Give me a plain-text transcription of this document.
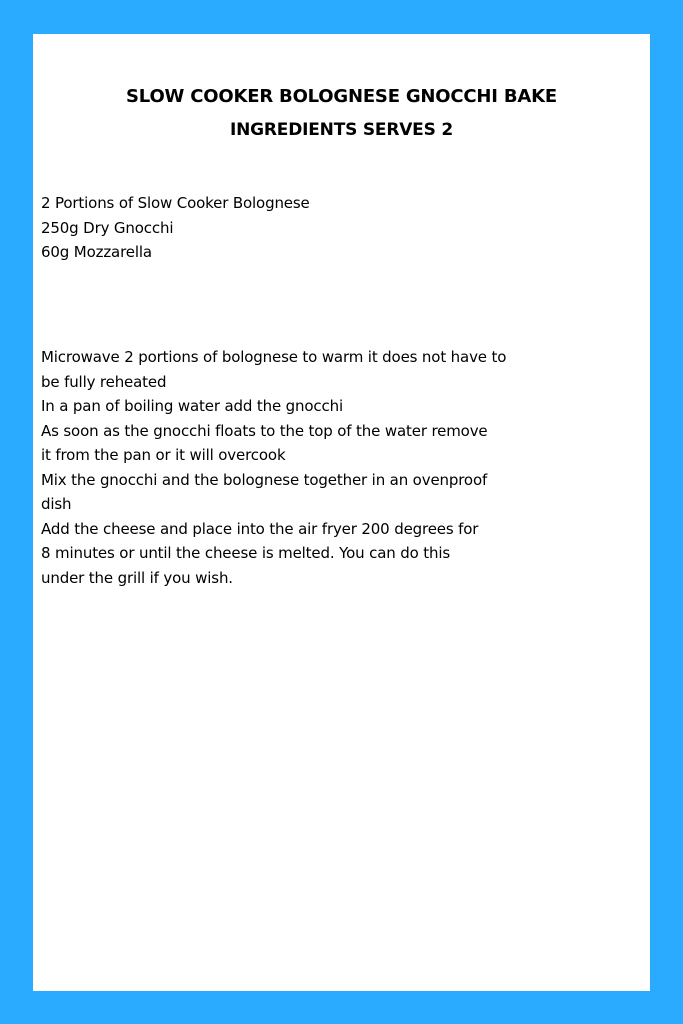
SLOW COOKER BOLOGNESE GNOCCHI BAKE
INGREDIENTS SERVES 2
2 Portions of Slow Cooker Bolognese
250g Dry Gnocchi
60g Mozzarella
Microwave 2 portions of bolognese to warm it does not have to
be fully reheated
In a pan of boiling water add the gnocchi
As soon as the gnocchi floats to the top of the water remove
it from the pan or it will overcook
Mix the gnocchi and the bolognese together in an ovenproof
dish
Add the cheese and place into the air fryer 200 degrees for
8 minutes or until the cheese is melted. You can do this
under the grill if you wish.
